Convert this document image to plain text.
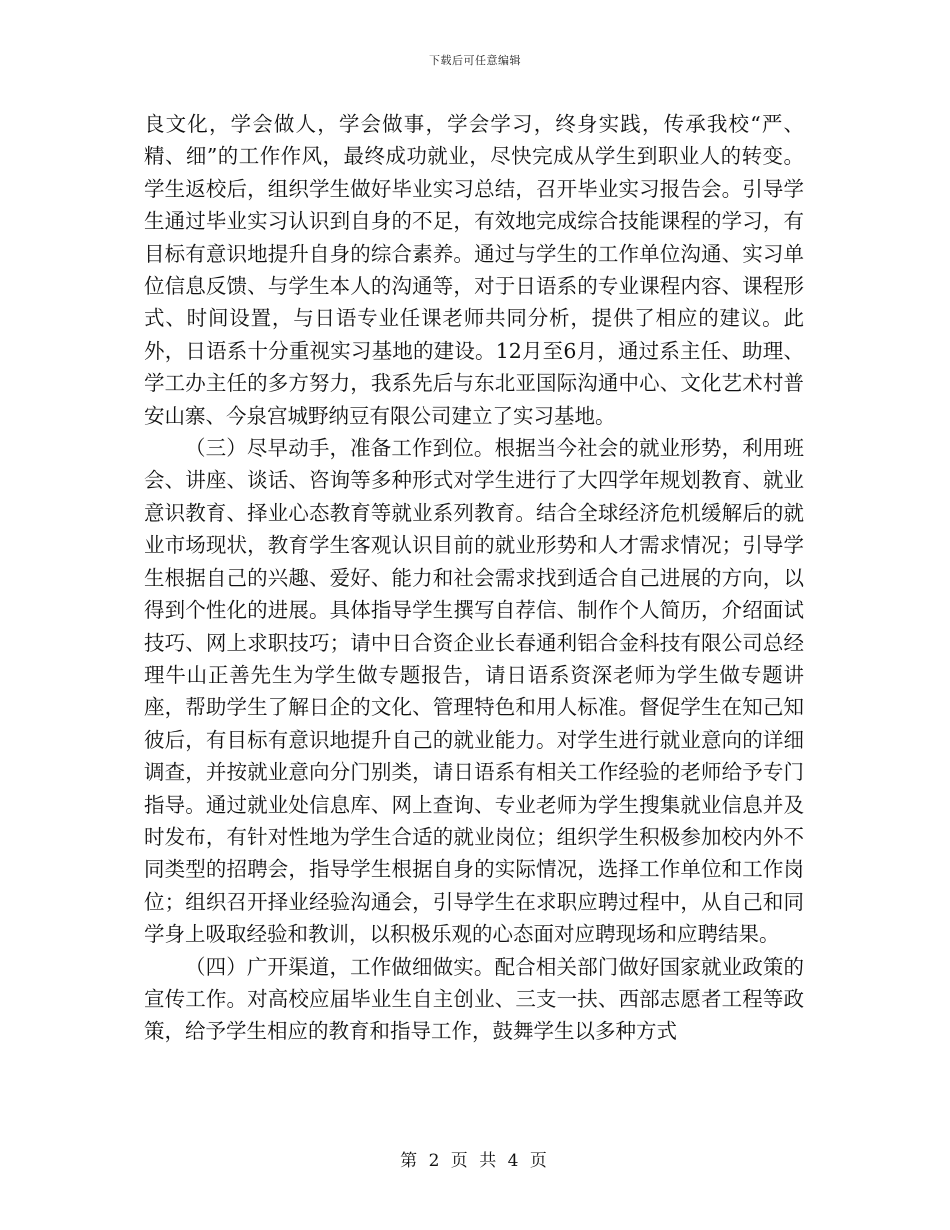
下载后可任意编辑

良文化，学会做人，学会做事，学会学习，终身实践，传承我校“严、精、细”的工作作风，最终成功就业，尽快完成从学生到职业人的转变。学生返校后，组织学生做好毕业实习总结，召开毕业实习报告会。引导学生通过毕业实习认识到自身的不足，有效地完成综合技能课程的学习，有目标有意识地提升自身的综合素养。通过与学生的工作单位沟通、实习单位信息反馈、与学生本人的沟通等，对于日语系的专业课程内容、课程形式、时间设置，与日语专业任课老师共同分析，提供了相应的建议。此外，日语系十分重视实习基地的建设。12月至6月，通过系主任、助理、学工办主任的多方努力，我系先后与东北亚国际沟通中心、文化艺术村普安山寨、今泉宫城野纳豆有限公司建立了实习基地。

（三）尽早动手，准备工作到位。根据当今社会的就业形势，利用班会、讲座、谈话、咨询等多种形式对学生进行了大四学年规划教育、就业意识教育、择业心态教育等就业系列教育。结合全球经济危机缓解后的就业市场现状，教育学生客观认识目前的就业形势和人才需求情况；引导学生根据自己的兴趣、爱好、能力和社会需求找到适合自己进展的方向，以得到个性化的进展。具体指导学生撰写自荐信、制作个人简历，介绍面试技巧、网上求职技巧；请中日合资企业长春通利铝合金科技有限公司总经理牛山正善先生为学生做专题报告，请日语系资深老师为学生做专题讲座，帮助学生了解日企的文化、管理特色和用人标准。督促学生在知己知彼后，有目标有意识地提升自己的就业能力。对学生进行就业意向的详细调查，并按就业意向分门别类，请日语系有相关工作经验的老师给予专门指导。通过就业处信息库、网上查询、专业老师为学生搜集就业信息并及时发布，有针对性地为学生合适的就业岗位；组织学生积极参加校内外不同类型的招聘会，指导学生根据自身的实际情况，选择工作单位和工作岗位；组织召开择业经验沟通会，引导学生在求职应聘过程中，从自己和同学身上吸取经验和教训，以积极乐观的心态面对应聘现场和应聘结果。

（四）广开渠道，工作做细做实。配合相关部门做好国家就业政策的宣传工作。对高校应届毕业生自主创业、三支一扶、西部志愿者工程等政策，给予学生相应的教育和指导工作，鼓舞学生以多种方式

第 2 页 共 4 页
